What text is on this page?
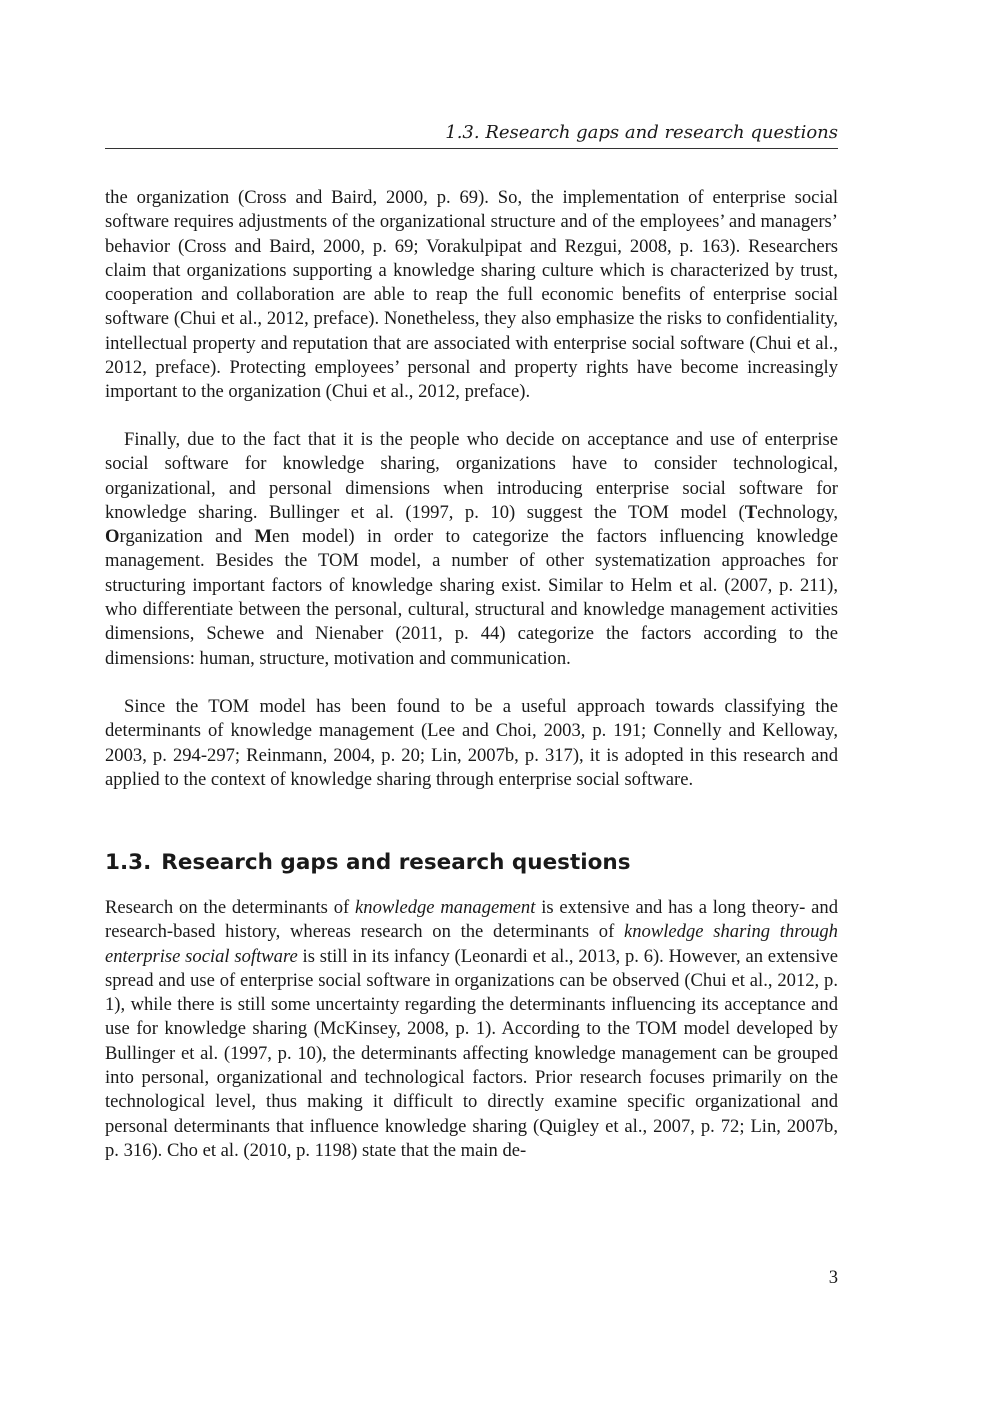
1.3. Research gaps and research questions

the organization (Cross and Baird, 2000, p. 69). So, the implementation of enterprise social software requires adjustments of the organizational structure and of the employees’ and managers’ behavior (Cross and Baird, 2000, p. 69; Vorakulpipat and Rezgui, 2008, p. 163). Researchers claim that organizations supporting a knowledge sharing culture which is characterized by trust, cooperation and collaboration are able to reap the full economic benefits of enterprise social software (Chui et al., 2012, preface). Nonetheless, they also emphasize the risks to confidentiality, intellectual property and reputation that are associated with enterprise social software (Chui et al., 2012, preface). Protecting employees’ personal and property rights have become increasingly important to the organization (Chui et al., 2012, preface).

Finally, due to the fact that it is the people who decide on acceptance and use of enterprise social software for knowledge sharing, organizations have to consider technological, organizational, and personal dimensions when introducing enterprise social software for knowledge sharing. Bullinger et al. (1997, p. 10) suggest the TOM model (Technology, Organization and Men model) in order to categorize the factors influencing knowledge management. Besides the TOM model, a number of other systematization approaches for structuring important factors of knowledge sharing exist. Similar to Helm et al. (2007, p. 211), who differentiate between the personal, cultural, structural and knowledge management activities dimensions, Schewe and Nienaber (2011, p. 44) categorize the factors according to the dimensions: human, structure, motivation and communication.

Since the TOM model has been found to be a useful approach towards classifying the determinants of knowledge management (Lee and Choi, 2003, p. 191; Connelly and Kelloway, 2003, p. 294-297; Reinmann, 2004, p. 20; Lin, 2007b, p. 317), it is adopted in this research and applied to the context of knowledge sharing through enterprise social software.

1.3. Research gaps and research questions

Research on the determinants of knowledge management is extensive and has a long theory- and research-based history, whereas research on the determinants of knowledge sharing through enterprise social software is still in its infancy (Leonardi et al., 2013, p. 6). However, an extensive spread and use of enterprise social software in organizations can be observed (Chui et al., 2012, p. 1), while there is still some uncertainty regarding the determinants influencing its acceptance and use for knowledge sharing (McKinsey, 2008, p. 1). According to the TOM model developed by Bullinger et al. (1997, p. 10), the determinants affecting knowledge management can be grouped into personal, organizational and technological factors. Prior research focuses primarily on the technological level, thus making it difficult to directly examine specific organizational and personal determinants that influence knowledge sharing (Quigley et al., 2007, p. 72; Lin, 2007b, p. 316). Cho et al. (2010, p. 1198) state that the main de-

3
